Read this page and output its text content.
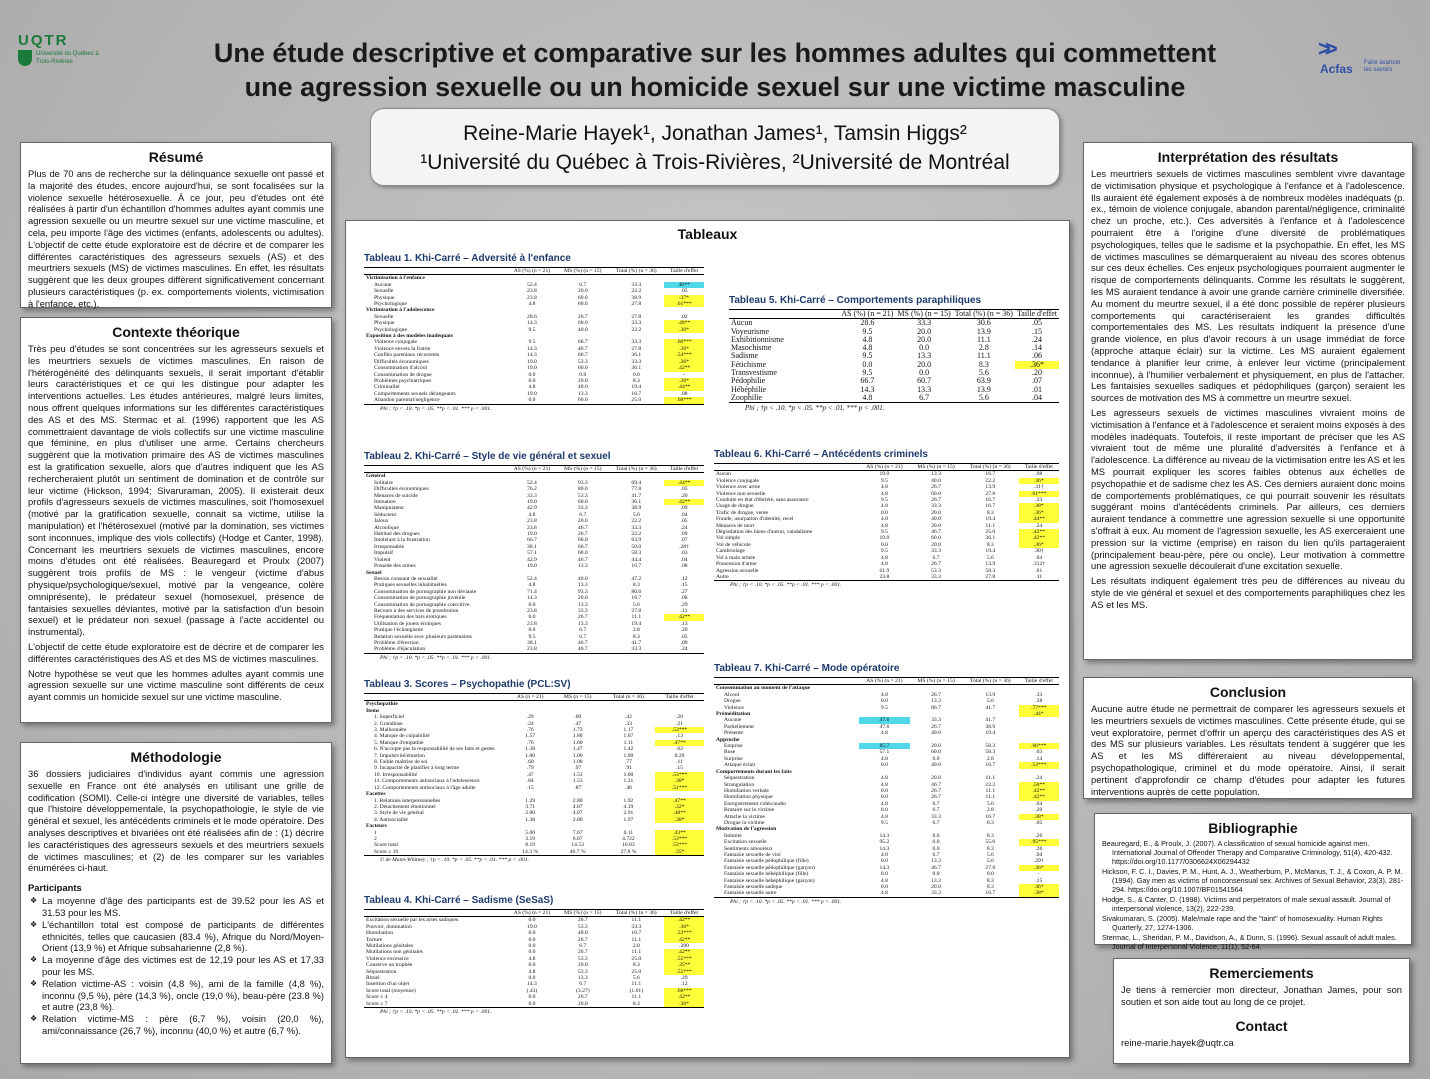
UQTR
Université du Québec à Trois-Rivières
>>
Acfas Faire avancer les savoirs
Une étude descriptive et comparative sur les hommes adultes qui commettent
une agression sexuelle ou un homicide sexuel sur une victime masculine
Reine-Marie Hayek¹, Jonathan James¹, Tamsin Higgs²
¹Université du Québec à Trois-Rivières, ²Université de Montréal
Résumé

Plus de 70 ans de recherche sur la délinquance sexuelle ont passé et la majorité des études, encore aujourd'hui, se sont focalisées sur la violence sexuelle hétérosexuelle. À ce jour, peu d'études ont été réalisées à partir d'un échantillon d'hommes adultes ayant commis une agression sexuelle ou un meurtre sexuel sur une victime masculine, et cela, peu importe l'âge des victimes (enfants, adolescents ou adultes). L'objectif de cette étude exploratoire est de décrire et de comparer les différentes caractéristiques des agresseurs sexuels (AS) et des meurtriers sexuels (MS) de victimes masculines. En effet, les résultats suggèrent que les deux groupes diffèrent significativement concernant plusieurs caractéristiques (p. ex. comportements violents, victimisation à l'enfance, etc.).

Contexte théorique

Très peu d'études se sont concentrées sur les agresseurs sexuels et les meurtriers sexuels de victimes masculines. En raison de l'hétérogénéité des délinquants sexuels, il serait important d'établir leurs caractéristiques et ce qui les distingue pour adapter les interventions actuelles. Les études antérieures, malgré leurs limites, nous offrent quelques informations sur les différentes caractéristiques des AS et des MS. Stermac et al. (1996) rapportent que les AS commettraient davantage de viols collectifs sur une victime masculine que féminine, en plus d'utiliser une arme. Certains chercheurs suggèrent que la motivation primaire des AS de victimes masculines est la gratification sexuelle, alors que d'autres indiquent que les AS rechercheraient plutôt un sentiment de domination et de contrôle sur leur victime (Hickson, 1994; Sivaruraman, 2005). Il existerait deux profils d'agresseurs sexuels de victimes masculines, soit l'homosexuel (motivé par la gratification sexuelle, connait sa victime, utilise la manipulation) et l'hétérosexuel (motivé par la domination, ses victimes sont inconnues, implique des viols collectifs) (Hodge et Canter, 1998). Concernant les meurtriers sexuels de victimes masculines, encore moins d'études ont été réalisées. Beauregard et Proulx (2007) suggèrent trois profils de MS : le vengeur (victime d'abus physique/psychologique/sexuel, motivé par la vengeance, colère omniprésente), le prédateur sexuel (homosexuel, présence de fantaisies sexuelles déviantes, motivé par la satisfaction d'un besoin sexuel) et le prédateur non sexuel (passage à l'acte accidentel ou instrumental).

L'objectif de cette étude exploratoire est de décrire et de comparer les différentes caractéristiques des AS et des MS de victimes masculines.

Notre hypothèse se veut que les hommes adultes ayant commis une agression sexuelle sur une victime masculine sont différents de ceux ayant commis un homicide sexuel sur une victime masculine.

Méthodologie

36 dossiers judiciaires d'individus ayant commis une agression sexuelle en France ont été analysés en utilisant une grille de codification (SOMI). Celle-ci intègre une diversité de variables, telles que l'histoire développementale, la psychopathologie, le style de vie général et sexuel, les antécédents criminels et le mode opératoire. Des analyses descriptives et bivariées ont été réalisées afin de : (1) décrire les caractéristiques des agresseurs sexuels et des meurtriers sexuels de victimes masculines; et (2) de les comparer sur les variables énumérées ci-haut.

Participants
❖ La moyenne d'âge des participants est de 39.52 pour les AS et 31.53 pour les MS.
❖ L'échantillon total est composé de participants de différentes ethnicités, telles que caucasien (83.4 %), Afrique du Nord/Moyen-Orient (13,9 %) et Afrique subsaharienne (2,8 %).
❖ La moyenne d'âge des victimes est de 12,19 pour les AS et 17,33 pour les MS.
❖ Relation victime-AS : voisin (4,8 %), ami de la famille (4,8 %), inconnu (9,5 %), père (14,3 %), oncle (19,0 %), beau-père (23.8 %) et autre (23,8 %).
❖ Relation victime-MS : père (6,7 %), voisin (20,0 %), ami/connaissance (26,7 %), inconnu (40,0 %) et autre (6,7 %).
Tableaux
Tableau 1. Khi-Carré – Adversité à l'enfance
	AS (%) (n = 21)	MS (%) (n = 15)	Total (%) (n = 36)	Taille d'effet
Victimisation à l'enfance				
Aucune	52.4	6.7	33.3	46**
Sexuelle	23.8	20.0	22.2	.05
Physique	23.8	60.0	38.9	.37*
Psychologique	4.8	60.0	27.8	.61***
Victimisation à l'adolescence				
Sexuelle	28.6	26.7	27.8	.02
Physique	14.3	60.0	33.3	.48**
Psychologique	9.5	40.0	22.2	.36*
Exposition à des modèles inadéquats				
Violence conjugale	9.5	66.7	33.3	.60***
Violence envers la fratrie	14.3	46.7	27.8	.36*
Conflits parentaux récurrents	14.3	66.7	36.1	.54***
Difficultés économiques	19.0	53.3	33.3	.36*
Consommation d'alcool	19.0	60.0	36.1	.42**
Consommation de drogue	0.0	0.0	0.0	-
Problèmes psychiatriques	0.0	20.0	8.3	.36*
Criminalité	4.8	40.0	19.4	.44**
Comportements sexuels dérangeants	19.0	13.3	16.7	.08
Abandon parental/négligence	0.0	60.0	25.0	.68***
Phi ; †p < .10. *p < .05. **p < .01. *** p < .001.
Tableau 2. Khi-Carré – Style de vie général et sexuel
	AS (%) (n = 21)	MS (%) (n = 15)	Total (%) (n = 36)	Taille d'effet
Général				
Solitaire	52.4	93.3	69.4	.44**
Difficultés économiques	76.2	80.0	77.8	.05
Menaces de suicide	33.3	53.3	41.7	.20
Immature	19.0	60.0	36.1	.42**
Manipulateur	42.9	33.3	38.9	.09
Séducteur	4.8	6.7	5.6	.04
Jaloux	23.8	20.0	22.2	.05
Alcoolique	23.8	46.7	33.3	.24
Habitué des drogues	19.0	26.7	22.2	.09
Intolérant à la frustration	66.7	60.0	63.9	.07
Irresponsable	38.1	66.7	50.0	.28†
Impulsif	57.1	60.0	58.3	.03
Violent	42.9	46.7	44.4	.04
Possède des armes	19.0	13.3	16.7	.08
Sexuel				
Besoin constant de sexualité	52.4	40.0	47.2	.12
Pratiques sexuelles inhabituelles	4.8	13.3	8.3	.15
Consommation de pornographie non déviante	71.4	93.3	80.6	.27
Consommation de pornographie juvénile	14.3	20.0	16.7	.08
Consommation de pornographie coercitive	0.0	13.3	5.6	.29
Recours à des services de prostitution	23.8	33.3	27.8	.11
Fréquentation des bars érotiques	0.0	26.7	11.1	.42**
Utilisation de jouets érotiques	23.8	13.3	19.4	.13
Pratique l'échangisme	0.0	6.7	2.8	.20
Relation sexuelle avec plusieurs partenaires	9.5	6.7	8.3	.05
Problème d'érection	38.1	46.7	41.7	.09
Problème d'éjaculation	23.8	46.7	33.3	.24
Phi ; †p < .10. *p < .05. **p < .01. *** p < .001.
Tableau 3. Scores – Psychopathie (PCL:SV)
	AS (n = 21)	MS (n = 15)	Total (n = 36)	Taille d'effet
Psychopathie				
Items				
1. Superficiel	.29	.60	.42	.20
2. Grandiose	.24	.47	.33	.21
3. Malhonnête	.76	1.73	1.17	.53***
4. Manque de culpabilité	1.57	1.80	1.67	.13
5. Manque d'empathie	.76	1.60	1.11	.47**
6. N'accepte pas la responsabilité de ses faits et gestes	1.38	1.47	1.42	.02
7. Impulsivité/émotion	1.00	1.00	1.00	0.29
8. Faible maîtrise de soi	.60	1.00	.77	.11
9. Incapacité de planifier à long terme	.79	.97	.91	.15
10. Irresponsabilité	.47	1.53	1.00	.53***
11. Comportements antisociaux à l'adolescence	.84	1.53	1.21	.38*
12. Comportements antisociaux à l'âge adulte	.15	.87	.46	.51***
Facettes				
1. Relations interpersonnelles	1.29	2.80	1.92	.47**
2. Détachement émotionnel	3.71	4.87	4.19	.32*
3. Style de vie général	2.00	4.07	2.91	.48**
4. Antisocialité	1.38	2.80	1.97	.38*
Facteurs				
1	5.00	7.67	6.11	.43**
2	3.19	6.87	4.722	.53***
Score total	8.19	14.53	10.83	.53***
Score ≥ 16	14.3 %	46.7 %	27.8 %	.35*
U de Mann-Whitney ; †p < .10. *p < .05. **p < .01. *** p < .001.
Tableau 4. Khi-Carré – Sadisme (SeSaS)
	AS (%) (n = 21)	MS (%) (n = 15)	Total (%) (n = 36)	Taille d'effet
Excitation sexuelle par les actes sadiques	0.0	26.7	11.1	.42**
Pouvoir, domination	19.0	53.3	33.3	.36*
Humiliation	0.0	40.0	16.7	.53***
Torture	0.0	26.7	11.1	.42**
Mutilations génitales	0.0	6.7	2.8	.200
Mutilations non génitales	0.0	26.7	11.1	.42**
Violence excessive	4.8	53.3	25.0	.55***
Conserve un trophée	0.0	20.0	8.3	.35**
Séquestration	4.8	53.3	25.0	.55***
Rituel	0.0	13.3	5.6	.29
Insertion d'un objet	14.3	6.7	11.1	.12
Score total (moyenne)	(.43)	(3.27)	(1.61)	.68***
Score ≥ 4	0.0	26.7	11.1	.42**
Score ≥ 7	0.0	20.0	8.3	.36*
Phi ; †p < .10. *p < .05. **p < .01. *** p < .001.
Tableau 5. Khi-Carré – Comportements paraphiliques
	AS (%) (n = 21)	MS (%) (n = 15)	Total (%) (n = 36)	Taille d'effet
Aucun	28.6	33.3	30.6	.05
Voyeurisme	9.5	20.0	13.9	.15
Exhibitionnisme	4.8	20.0	11.1	.24
Masochisme	4.8	0.0	2.8	.14
Sadisme	9.5	13.3	11.1	.06
Fétichisme	0.0	20.0	8.3	.36*
Transvestisme	9.5	0.0	5.6	.20
Pédophilie	66.7	60.7	63.9	.07
Hébéphilie	14.3	13.3	13.9	.01
Zoophilie	4.8	6.7	5.6	.04
Phi ; †p < .10. *p < .05. **p < .01. *** p < .001.
Tableau 6. Khi-Carré – Antécédents criminels
	AS (%) (n = 21)	MS (%) (n = 15)	Total (%) (n = 36)	Taille d'effet
Aucun	19.0	13.3	16.7	.08
Violence conjugale	9.5	40.0	22.2	.36*
Violence avec arme	4.8	26.7	13.9	.31†
Violence non sexuelle	4.8	60.0	27.8	.61***
Conduite en état d'ébriété, sans assurance	9.5	26.7	16.7	.23
Usage de drogue	4.8	33.3	16.7	.38*
Trafic de drogue, vente	0.0	20.0	8.3	.36*
Fraude, usurpation d'identité, recel	4.8	40.0	19.4	.44**
Menaces de mort	4.8	20.0	11.1	.24
Dégradation des biens d'autrui, vandalisme	9.5	46.7	25.0	.42**
Vol simple	19.0	60.0	36.1	.42**
Vol de véhicule	0.0	20.0	8.3	.36*
Cambriolage	9.5	33.3	19.4	.30†
Vol à main armée	4.8	6.7	5.6	.04
Possession d'arme	4.8	26.7	13.9	.312†
Agression sexuelle	61.9	53.3	58.3	.61
Autre	23.8	33.3	27.8	.11
Phi ; †p < .10. *p < .05. **p < .01. *** p < .001.
Tableau 7. Khi-Carré – Mode opératoire
	AS (%) (n = 21)	MS (%) (n = 15)	Total (%) (n = 36)	Taille d'effet
Consommation au moment de l'attaque				
Alcool	4.8	26.7	13.9	.33
Drogue	0.0	13.3	5.6	.28
Violence	9.5	86.7	41.7	.77***
Préméditation				.44*
Aucune	47.6	33.3	41.7	
Partiellement	47.6	26.7	38.9	
Présente	4.8	40.0	19.4	
Approche				
Emprise	85.7	20.0	58.3	.66***
Ruse	57.1	60.0	58.3	.03
Surprise	4.8	0.0	2.8	.14
Attaque éclair	0.0	40.0	16.7	.53***
Comportements durant les faits				
Séquestration	4.8	20.0	11.1	.24
Strangulation	4.8	46.7	22.2	.50**
Humiliation verbale	0.0	26.7	11.1	.42**
Humiliation physique	0.0	26.7	11.1	.42**
Enregistrement vidéo/audio	4.8	6.7	5.6	.04
Brutaire sur la victime	0.0	6.7	2.8	.20
Attache la victime	4.8	33.3	16.7	.38*
Drogue la victime	9.5	6.7	8.3	.05
Motivation de l'agression				
Intimité	14.3	0.0	8.3	.26
Excitation sexuelle	95.2	0.0	55.6	.95***
Sentiments amoureux	14.3	0.0	8.3	.26
Fantaisie sexuelle de viol	4.8	6.7	5.6	.04
Fantaisie sexuelle pédophilique (fille)	0.0	13.3	5.6	.29†
Fantaisie sexuelle pédophilique (garçon)	14.3	46.7	27.8	.36*
Fantaisie sexuelle hébéphilique (fille)	0.0	0.0	0.0	-
Fantaisie sexuelle hébéphilique (garçon)	4.8	13.3	8.3	.15
Fantaisie sexuelle sadique	0.0	20.0	8.3	.36*
Fantaisie sexuelle autre	4.8	33.3	16.7	.38*
Phi ; †p < .10. *p < .05. **p < .01. *** p < .001.
Interprétation des résultats

Les meurtriers sexuels de victimes masculines semblent vivre davantage de victimisation physique et psychologique à l'enfance et à l'adolescence. Ils auraient été également exposés à de nombreux modèles inadéquats (p. ex., témoin de violence conjugale, abandon parental/négligence, criminalité chez un proche, etc.). Ces adversités à l'enfance et à l'adolescence pourraient être à l'origine d'une diversité de problématiques psychologiques, telles que le sadisme et la psychopathie. En effet, les MS de victimes masculines se démarqueraient au niveau des scores obtenus sur ces deux échelles. Ces enjeux psychologiques pourraient augmenter le risque de comportements délinquants. Comme les résultats le suggèrent, les MS auraient tendance à avoir une grande carrière criminelle diversifiée. Au moment du meurtre sexuel, il a été donc possible de repérer plusieurs comportements qui caractériseraient les grandes difficultés comportementales des MS. Les résultats indiquent la présence d'une grande violence, en plus d'avoir recours à un usage immédiat de force (approche attaque éclair) sur la victime. Les MS auraient également tendance à planifier leur crime, à enlever leur victime (principalement inconnue), à l'humilier verbalement et physiquement, en plus de l'attacher. Les fantaisies sexuelles sadiques et pédophiliques (garçon) seraient les sources de motivation des MS à commettre un meurtre sexuel.

Les agresseurs sexuels de victimes masculines vivraient moins de victimisation à l'enfance et à l'adolescence et seraient moins exposés à des modèles inadéquats. Toutefois, il reste important de préciser que les AS vivraient tout de même une pluralité d'adversités à l'enfance et à l'adolescence. La différence au niveau de la victimisation entre les AS et les MS pourrait expliquer les scores faibles obtenus aux échelles de psychopathie et de sadisme chez les AS. Ces derniers auraient donc moins de comportements problématiques, ce qui pourrait souvenir les résultats suggérant moins d'antécédents criminels. Par ailleurs, ces derniers auraient tendance à commettre une agression sexuelle si une opportunité s'offrait à eux. Au moment de l'agression sexuelle, les AS exerceraient une pression sur la victime (emprise) en raison du lien qu'ils partageraient (principalement beau-père, père ou oncle). Leur motivation à commettre une agression sexuelle découlerait d'une excitation sexuelle.

Les résultats indiquent également très peu de différences au niveau du style de vie général et sexuel et des comportements paraphiliques chez les AS et les MS.

Conclusion

Aucune autre étude ne permettrait de comparer les agresseurs sexuels et les meurtriers sexuels de victimes masculines. Cette présente étude, qui se veut exploratoire, permet d'offrir un aperçu des caractéristiques des AS et des MS sur plusieurs variables. Les résultats tendent à suggérer que les AS et les MS différeraient au niveau développemental, psychopathologique, criminel et du mode opératoire. Ainsi, il serait pertinent d'approfondir ce champ d'études pour adapter les futures interventions auprès de cette population.

Bibliographie

Beauregard, E., & Proulx, J. (2007). A classification of sexual homicide against men. International Journal of Offender Therapy and Comparative Criminology, 51(4), 420-432. https://doi.org/10.1177/0306624X06294432

Hickson, F. C. I., Davies, P. M., Hunt, A. J., Weatherburn, P., McManus, T. J., & Coxon, A. P. M. (1994). Gay men as victims of nonconsensual sex. Archives of Sexual Behavior, 23(3), 281-294. https://doi.org/10.1007/BF01541564

Hodge, S., & Canter, D. (1998). Victims and perpetrators of male sexual assault. Journal of interpersonal violence, 13(2), 222-239.

Sivakumaran, S. (2005). Male/male rape and the "taint" of homosexuality. Human Rights Quarterly, 27, 1274-1306.

Stermac, L., Sheridan, P. M., Davidson, A., & Dunn, S. (1996). Sexual assault of adult males. Journal of Interpersonal Violence, 11(1), 52-64.

Remerciements

Je tiens à remercier mon directeur, Jonathan James, pour son soutien et son aide tout au long de ce projet.

Contact

reine-marie.hayek@uqtr.ca
